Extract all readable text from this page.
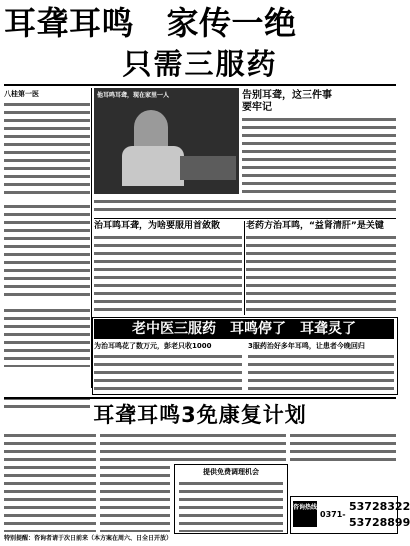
耳聋耳鸣　家传一绝
只需三服药
八桂第一医	他耳鸣耳聋，现在家里一人	告别耳聋，这三件事
要牢记
治耳鸣耳聋，为啥要服用首敛散	老药方治耳鸣，“益肾清肝”是关键
老中医三服药　耳鸣停了　耳聋灵了
为治耳鸣花了数万元，彭老只收1000	3服药治好多年耳鸣，让患者今晚回归
耳聋耳鸣3免康复计划
提供免费调理机会
咨询热线
0371-
53728322
53728899
特别提醒：咨询者请于次日前来（本方案在周六、日全日开放）
